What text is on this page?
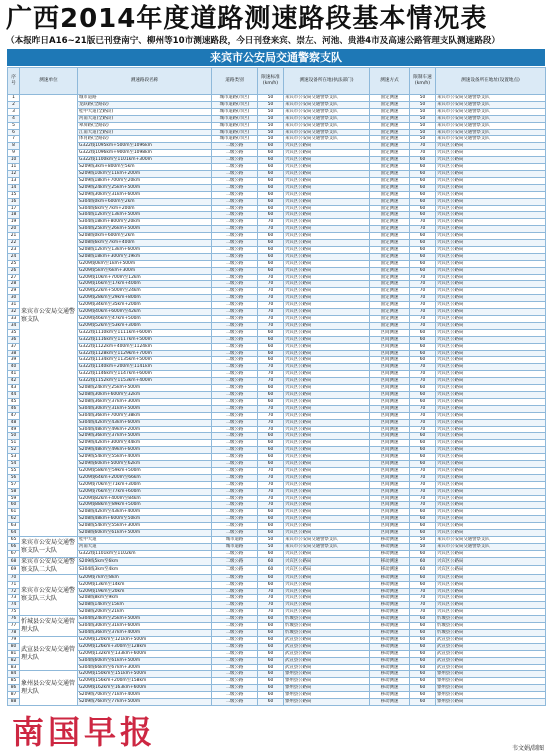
广西2014年度道路测速路段基本情况表
（本报昨日A16~21版已刊登南宁、柳州等10市测速路段，今日刊登来宾、崇左、河池、贵港4市及高速公路管理支队测速路段）
来宾市公安局交通警察支队
序号	测速单位	测速路段名称	道路类别	限速标准(km/h)	测速设备所在地(执法部门)	测速方式	限制车速(km/h)	测速设备所在地址(设置地点)
1	来宾市公安局交通警察支队	城市道路	城市道路(市区)	50	来宾市公安局交通警察支队	固定测速	50	来宾市公安局交通警察支队
2		龙跃路(全路段)	城市道路(市区)	50	来宾市公安局交通警察支队	固定测速	50	来宾市公安局交通警察支队
3		桂中大道(全路段)	城市道路(市区)	50	来宾市公安局交通警察支队	固定测速	50	来宾市公安局交通警察支队
4		河南大道(全路段)	城市道路(市区)	50	来宾市公安局交通警察支队	固定测速	50	来宾市公安局交通警察支队
5		翠屏路(全路段)	城市道路(市区)	50	来宾市公安局交通警察支队	固定测速	50	来宾市公安局交通警察支队
6		江南大道(全路段)	城市道路(市区)	50	来宾市公安局交通警察支队	固定测速	50	来宾市公安局交通警察支队
7		体育路(全路段)	城市道路(市区)	50	来宾市公安局交通警察支队	固定测速	50	来宾市公安局交通警察支队
8		G322线1095km+500m至1096km	二级公路	60	兴宾区公路局	固定测速	70	兴宾区公路局
9		G322线1096km+900m至1098km	二级公路	60	兴宾区公路局	固定测速	70	兴宾区公路局
10		G322线1100km至1101km+300m	二级公路	60	兴宾区公路局	固定测速	60	兴宾区公路局
11		S209线3km+800m至5km	二级公路	60	兴宾区公路局	固定测速	60	兴宾区公路局
12		S209线10km至11km+200m	二级公路	60	兴宾区公路局	固定测速	60	兴宾区公路局
13		S209线18km+700m至20km	二级公路	60	兴宾区公路局	固定测速	60	兴宾区公路局
14		S209线24km至25km+500m	二级公路	60	兴宾区公路局	固定测速	60	兴宾区公路局
15		S209线30km至31km+600m	二级公路	60	兴宾区公路局	固定测速	60	兴宾区公路局
16		S304线0km+600m至2km	二级公路	60	兴宾区公路局	固定测速	60	兴宾区公路局
17		S304线6km至7km+200m	二级公路	60	兴宾区公路局	固定测速	60	兴宾区公路局
18		S304线12km至13km+500m	二级公路	60	兴宾区公路局	固定测速	60	兴宾区公路局
19		S304线18km+800m至20km	二级公路	70	兴宾区公路局	固定测速	70	兴宾区公路局
20		S304线25km至26km+500m	二级公路	70	兴宾区公路局	固定测速	70	兴宾区公路局
21		S208线0km+600m至2km	二级公路	60	兴宾区公路局	固定测速	60	兴宾区公路局
22		S208线6km至7km+400m	二级公路	60	兴宾区公路局	固定测速	60	兴宾区公路局
23		S208线12km至13km+600m	二级公路	60	兴宾区公路局	固定测速	60	兴宾区公路局
24		S208线18km+300m至19km	二级公路	60	兴宾区公路局	固定测速	60	兴宾区公路局
25		G209线0km至1km+500m	二级公路	60	兴宾区公路局	固定测速	60	兴宾区公路局
26		G209线5km至6km+300m	二级公路	60	兴宾区公路局	固定测速	60	兴宾区公路局
27		G209线10km+700m至12km	二级公路	70	兴宾区公路局	固定测速	70	兴宾区公路局
28		G209线16km至17km+400m	二级公路	70	兴宾区公路局	固定测速	70	兴宾区公路局
29		G209线22km+500m至24km	二级公路	70	兴宾区公路局	固定测速	70	兴宾区公路局
30		G209线28km至29km+800m	二级公路	70	兴宾区公路局	固定测速	70	兴宾区公路局
31		G209线34km至35km+200m	二级公路	70	兴宾区公路局	固定测速	70	兴宾区公路局
32		G209线40km+600m至42km	二级公路	70	兴宾区公路局	固定测速	70	兴宾区公路局
33		G209线46km至47km+500m	二级公路	70	兴宾区公路局	固定测速	70	兴宾区公路局
34		G209线52km至53km+300m	二级公路	70	兴宾区公路局	固定测速	70	兴宾区公路局
35		G322线1110km至1111km+600m	二级公路	60	兴宾区公路局	区间测速	60	兴宾区公路局
36		G322线1116km至1117km+500m	二级公路	60	兴宾区公路局	区间测速	60	兴宾区公路局
37		G322线1122km+400m至1124km	二级公路	60	兴宾区公路局	区间测速	60	兴宾区公路局
38		G322线1128km至1129km+700m	二级公路	60	兴宾区公路局	区间测速	60	兴宾区公路局
39		G322线1134km至1135km+500m	二级公路	60	兴宾区公路局	区间测速	60	兴宾区公路局
40		G322线1140km+200m至1141km	二级公路	70	兴宾区公路局	区间测速	70	兴宾区公路局
41		G322线1146km至1147km+600m	二级公路	70	兴宾区公路局	区间测速	70	兴宾区公路局
42		G322线1152km至1153km+400m	二级公路	70	兴宾区公路局	区间测速	70	兴宾区公路局
43		S208线24km至25km+500m	二级公路	60	兴宾区公路局	区间测速	60	兴宾区公路局
44		S208线30km+600m至32km	二级公路	60	兴宾区公路局	区间测速	60	兴宾区公路局
45		S208线36km至37km+300m	二级公路	60	兴宾区公路局	区间测速	60	兴宾区公路局
46		S304线30km至31km+500m	二级公路	70	兴宾区公路局	区间测速	70	兴宾区公路局
47		S304线36km+700m至38km	二级公路	70	兴宾区公路局	区间测速	70	兴宾区公路局
48		S304线42km至43km+600m	二级公路	70	兴宾区公路局	区间测速	70	兴宾区公路局
49		S304线48km至49km+200m	二级公路	70	兴宾区公路局	区间测速	70	兴宾区公路局
50		S209线36km至37km+500m	二级公路	60	兴宾区公路局	区间测速	60	兴宾区公路局
51		S209线42km+300m至44km	二级公路	60	兴宾区公路局	区间测速	60	兴宾区公路局
52		S209线48km至49km+600m	二级公路	60	兴宾区公路局	区间测速	60	兴宾区公路局
53		S209线54km至55km+400m	二级公路	60	兴宾区公路局	区间测速	60	兴宾区公路局
54		S209线60km+500m至62km	二级公路	60	兴宾区公路局	区间测速	60	兴宾区公路局
55		G209线58km至59km+500m	二级公路	70	兴宾区公路局	区间测速	70	兴宾区公路局
56		G209线64km+200m至66km	二级公路	70	兴宾区公路局	区间测速	70	兴宾区公路局
57		G209线70km至71km+300m	二级公路	70	兴宾区公路局	区间测速	70	兴宾区公路局
58		G209线76km至77km+600m	二级公路	70	兴宾区公路局	区间测速	70	兴宾区公路局
59		G209线82km+400m至84km	二级公路	70	兴宾区公路局	区间测速	70	兴宾区公路局
60		G209线88km至89km+500m	二级公路	70	兴宾区公路局	区间测速	70	兴宾区公路局
61		S208线42km至43km+400m	二级公路	60	兴宾区公路局	区间测速	60	兴宾区公路局
62		S208线48km+600m至50km	二级公路	60	兴宾区公路局	区间测速	60	兴宾区公路局
63		S208线54km至55km+300m	二级公路	60	兴宾区公路局	区间测速	60	兴宾区公路局
64		S208线60km至61km+500m	二级公路	60	兴宾区公路局	区间测速	60	兴宾区公路局
65	来宾市公安局交通警察支队一大队	桂中大道	城市道路	50	来宾市公安局交通警察支队	移动测速	50	来宾市公安局交通警察支队
66		河南大道	城市道路	50	来宾市公安局交通警察支队	移动测速	50	来宾市公安局交通警察支队
67		G322线1101km至1102km	二级公路	60	兴宾区公路局	移动测速	60	兴宾区公路局
68	来宾市公安局交通警察支队二大队	S209线5km至6km	二级公路	60	兴宾区公路局	移动测速	60	兴宾区公路局
69		S304线3km至4km	二级公路	60	兴宾区公路局	移动测速	60	兴宾区公路局
70	来宾市公安局交通警察支队三大队	G209线7km至8km	二级公路	60	兴宾区公路局	移动测速	60	兴宾区公路局
71		G209线13km至14km	二级公路	60	兴宾区公路局	移动测速	60	兴宾区公路局
72		G209线19km至20km	二级公路	70	兴宾区公路局	移动测速	70	兴宾区公路局
73		S208线8km至9km	二级公路	70	兴宾区公路局	移动测速	70	兴宾区公路局
74		S208线14km至15km	二级公路	70	兴宾区公路局	移动测速	70	兴宾区公路局
75		S208线20km至21km	二级公路	70	兴宾区公路局	移动测速	70	兴宾区公路局
76	忻城县公安局交通管理大队	S304线24km至25km+500m	二级公路	60	忻城县公路局	移动测速	60	忻城县公路局
77		S304线30km至31km+600m	二级公路	60	忻城县公路局	移动测速	60	忻城县公路局
78		S304线36km至37km+400m	二级公路	60	忻城县公路局	移动测速	60	忻城县公路局
79	武宣县公安局交通管理大队	G209线120km至121km+500m	二级公路	60	武宣县公路局	移动测速	60	武宣县公路局
80		G209线126km+300m至128km	二级公路	60	武宣县公路局	移动测速	60	武宣县公路局
81		G209线132km至133km+600m	二级公路	60	武宣县公路局	移动测速	60	武宣县公路局
82		S304线60km至61km+500m	二级公路	60	武宣县公路局	移动测速	60	武宣县公路局
83		S304线66km至67km+300m	二级公路	60	武宣县公路局	移动测速	60	武宣县公路局
84	象州县公安局交通管理大队	G209线150km至151km+500m	二级公路	60	象州县公路局	移动测速	60	象州县公路局
85		G209线156km+200m至158km	二级公路	60	象州县公路局	移动测速	60	象州县公路局
86		G209线162km至163km+600m	二级公路	60	象州县公路局	移动测速	60	象州县公路局
87		S209线70km至71km+400m	二级公路	60	象州县公路局	移动测速	60	象州县公路局
88		S209线76km至77km+500m	二级公路	60	象州县公路局	移动测速	60	象州县公路局
南国早报	韦文娟/制图
